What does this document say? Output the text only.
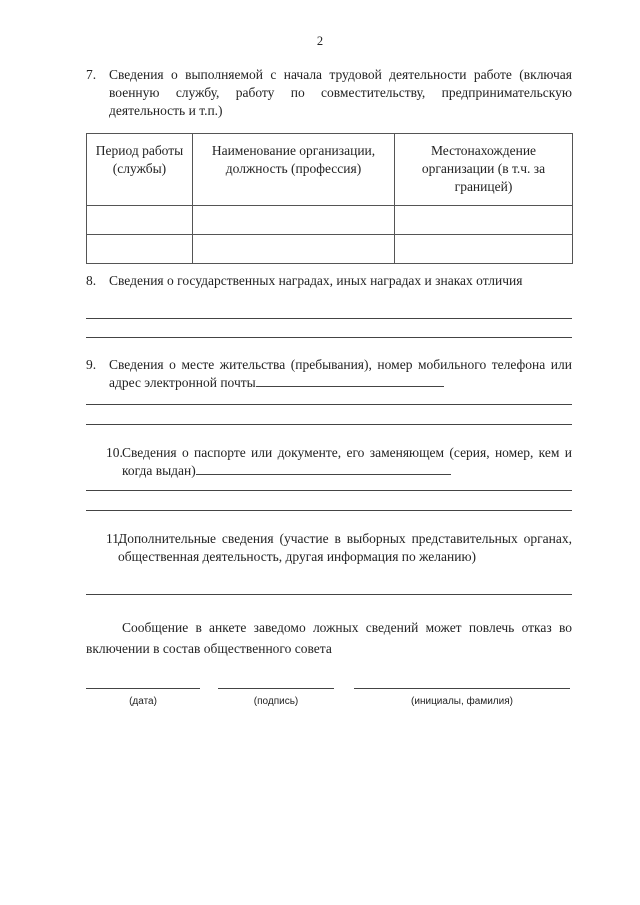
2
7. Сведения о выполняемой с начала трудовой деятельности работе (включая военную службу, работу по совместительству, предпринимательскую деятельность и т.п.)
Период работы (службы)	Наименование организации, должность (профессия)	Местонахождение организации (в т.ч. за границей)

8. Сведения о государственных наградах, иных наградах и знаках отличия
9. Сведения о месте жительства (пребывания), номер мобильного телефона или адрес электронной почты
10. Сведения о паспорте или документе, его заменяющем (серия, номер, кем и когда выдан)
11.
Дополнительные сведения (участие в выборных представительных органах, общественная деятельность, другая информация по желанию)
Сообщение в анкете заведомо ложных сведений может повлечь отказ во включении в состав общественного совета
(дата)	(подпись)	(инициалы, фамилия)
